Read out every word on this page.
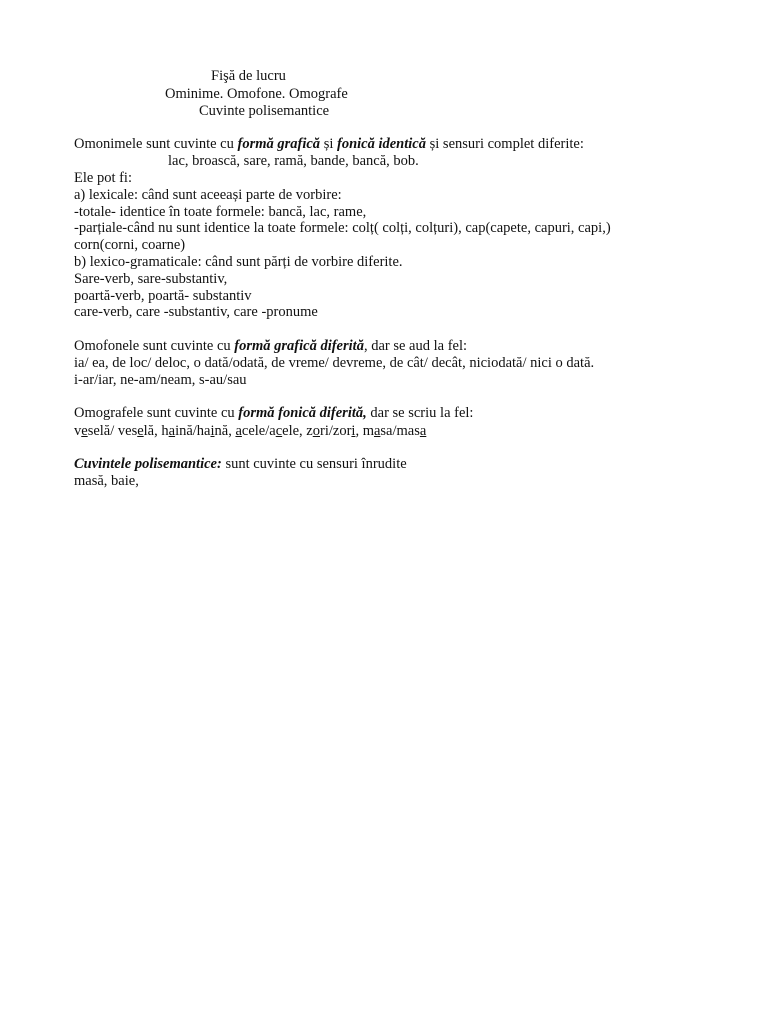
Fişă de lucru
Ominime. Omofone. Omografe
Cuvinte polisemantice
Omonimele sunt cuvinte cu formă grafică și fonică identică și sensuri complet diferite:
lac, broască, sare, ramă, bande, bancă, bob.
Ele pot fi:
a) lexicale: când sunt aceeași parte de vorbire:
-totale- identice în toate formele: bancă, lac, rame,
-parțiale-când nu sunt identice la toate formele: colț( colți, colțuri), cap(capete, capuri, capi,)
corn(corni, coarne)
b) lexico-gramaticale: când sunt părți de vorbire diferite.
Sare-verb, sare-substantiv,
poartă-verb, poartă- substantiv
care-verb, care -substantiv, care -pronume
Omofonele sunt cuvinte cu formă grafică diferită, dar se aud la fel:
ia/ ea, de loc/ deloc, o dată/odată, de vreme/ devreme, de cât/ decât, niciodată/ nici o dată.
i-ar/iar, ne-am/neam, s-au/sau
Omografele sunt cuvinte cu formă fonică diferită, dar se scriu la fel:
veselă/ veselă, haină/haină, acele/acele, zori/zori, masa/masa
Cuvintele polisemantice: sunt cuvinte cu sensuri înrudite
masă, baie,
